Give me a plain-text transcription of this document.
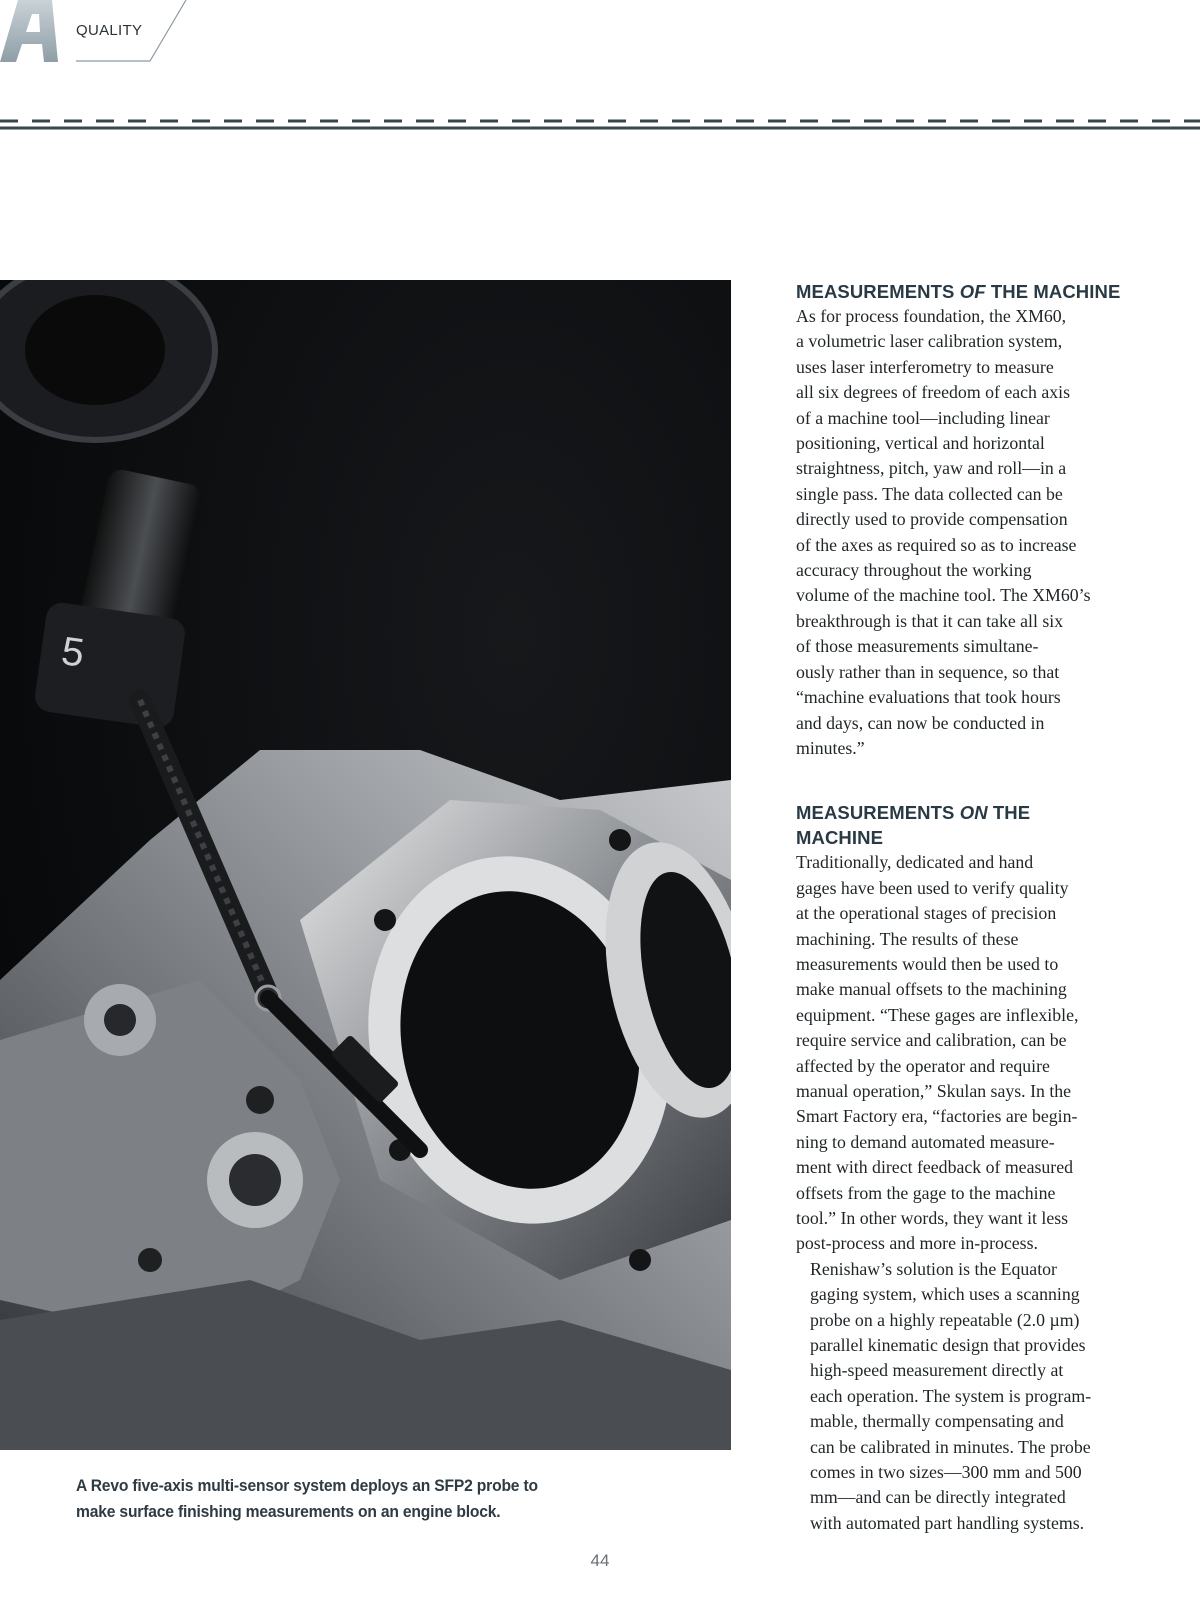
QUALITY
5
A Revo five-axis multi-sensor system deploys an SFP2 probe to
make surface finishing measurements on an engine block.
MEASUREMENTS OF THE MACHINE

As for process foundation, the XM60,
a volumetric laser calibration system,
uses laser interferometry to measure
all six degrees of freedom of each axis
of a machine tool—including linear
positioning, vertical and horizontal
straightness, pitch, yaw and roll—in a
single pass. The data collected can be
directly used to provide compensation
of the axes as required so as to increase
accuracy throughout the working
volume of the machine tool. The XM60’s
breakthrough is that it can take all six
of those measurements simultane-
ously rather than in sequence, so that
“machine evaluations that took hours
and days, can now be conducted in
minutes.”

MEASUREMENTS ON THE
MACHINE

Traditionally, dedicated and hand
gages have been used to verify quality
at the operational stages of precision
machining. The results of these
measurements would then be used to
make manual offsets to the machining
equipment. “These gages are inflexible,
require service and calibration, can be
affected by the operator and require
manual operation,” Skulan says. In the
Smart Factory era, “factories are begin-
ning to demand automated measure-
ment with direct feedback of measured
offsets from the gage to the machine
tool.” In other words, they want it less
post-process and more in-process.

Renishaw’s solution is the Equator
gaging system, which uses a scanning
probe on a highly repeatable (2.0 µm)
parallel kinematic design that provides
high-speed measurement directly at
each operation. The system is program-
mable, thermally compensating and
can be calibrated in minutes. The probe
comes in two sizes—300 mm and 500
mm—and can be directly integrated
with automated part handling systems.

44
